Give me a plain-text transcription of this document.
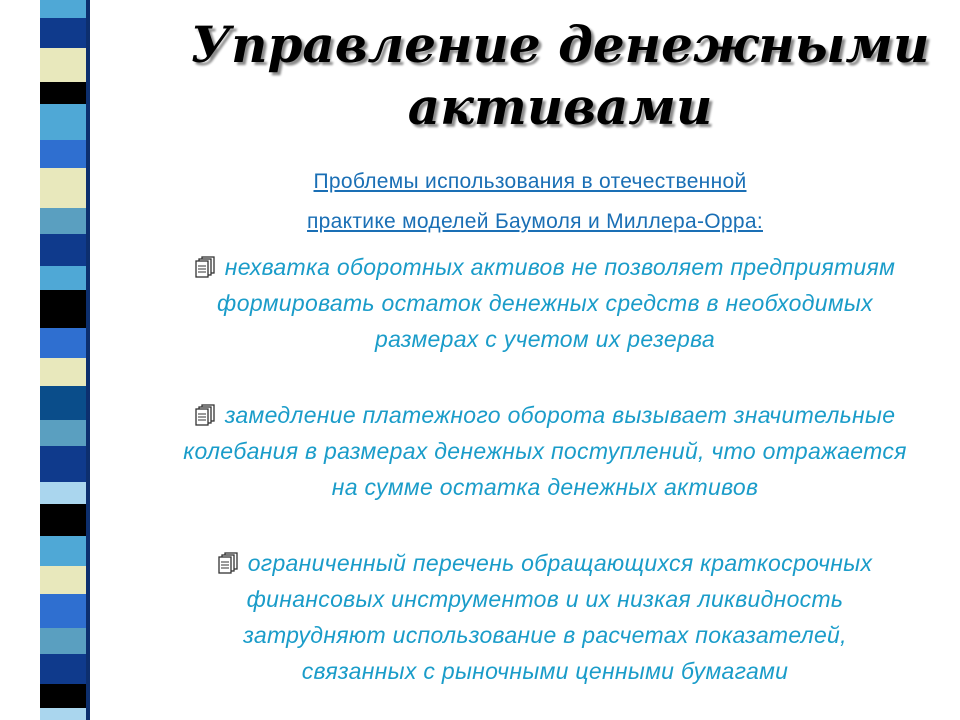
Управление денежными активами
Проблемы использования в отечественной
практике моделей Баумоля и Миллера-Орра:
нехватка оборотных активов не позволяет предприятиям формировать остаток денежных средств в необходимых размерах с учетом их резерва
замедление платежного оборота вызывает значительные колебания в размерах денежных поступлений, что отражается на сумме остатка денежных активов
ограниченный перечень обращающихся краткосрочных финансовых инструментов и их низкая ликвидность затрудняют использование в расчетах показателей, связанных с рыночными ценными бумагами
